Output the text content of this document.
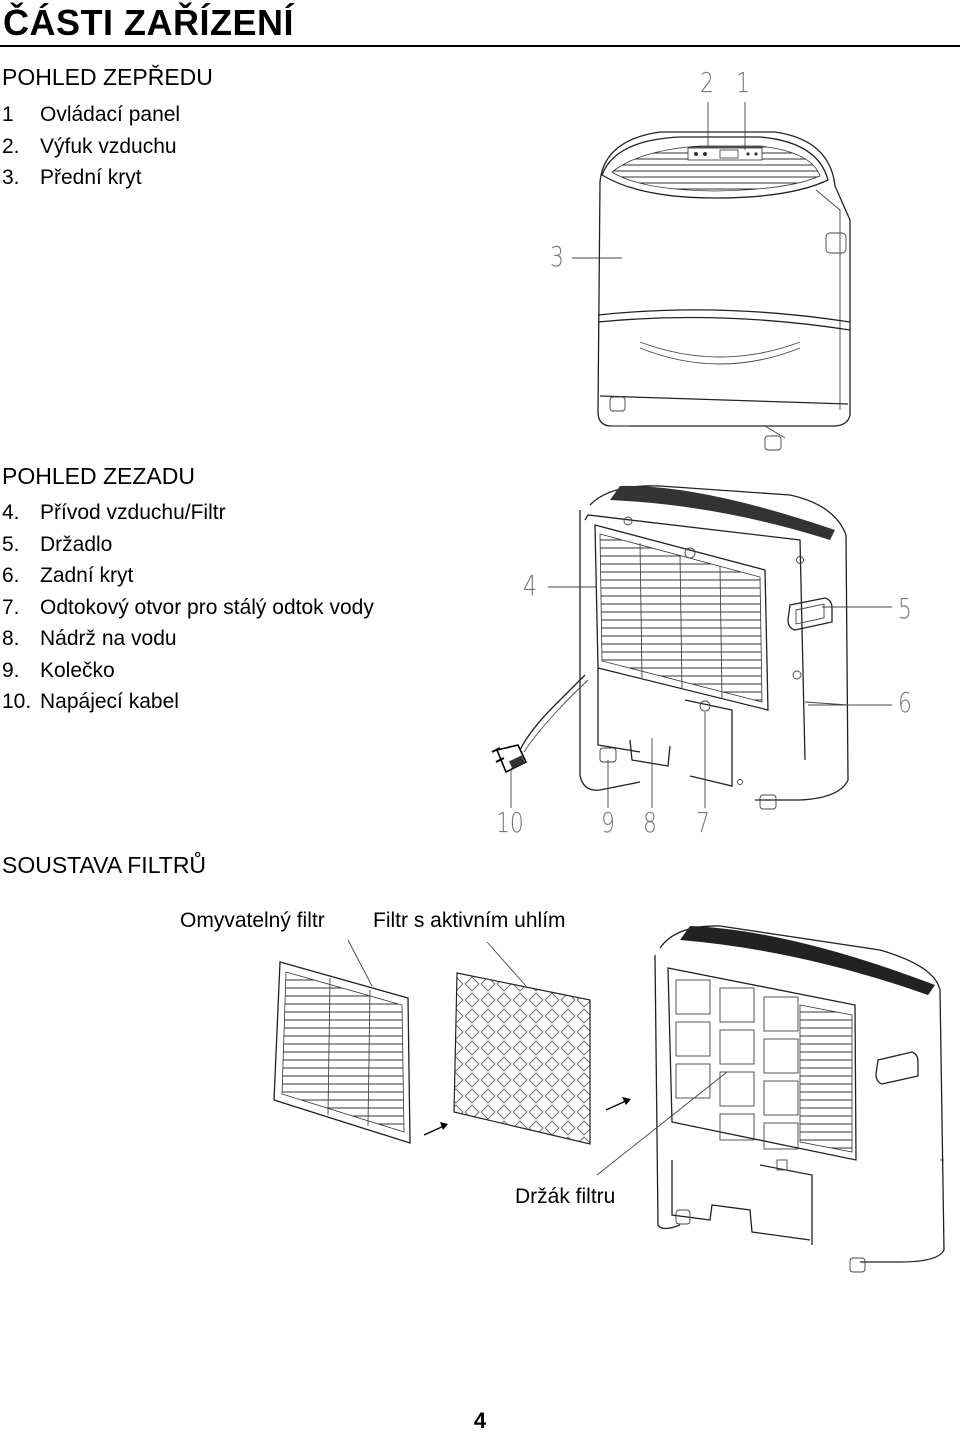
ČÁSTI ZAŘÍZENÍ
POHLED ZEPŘEDU
1 Ovládací panel
2. Výfuk vzduchu
3. Přední kryt
POHLED ZEZADU
4. Přívod vzduchu/Filtr
5. Držadlo
6. Zadní kryt
7. Odtokový otvor pro stálý odtok vody
8. Nádrž na vodu
9. Kolečko
10. Napájecí kabel
SOUSTAVA FILTRŮ
Omyvatelný filtr Filtr s aktivním uhlím
Držák filtru
2 1
3
4
5
6
10	9 8 7
4
